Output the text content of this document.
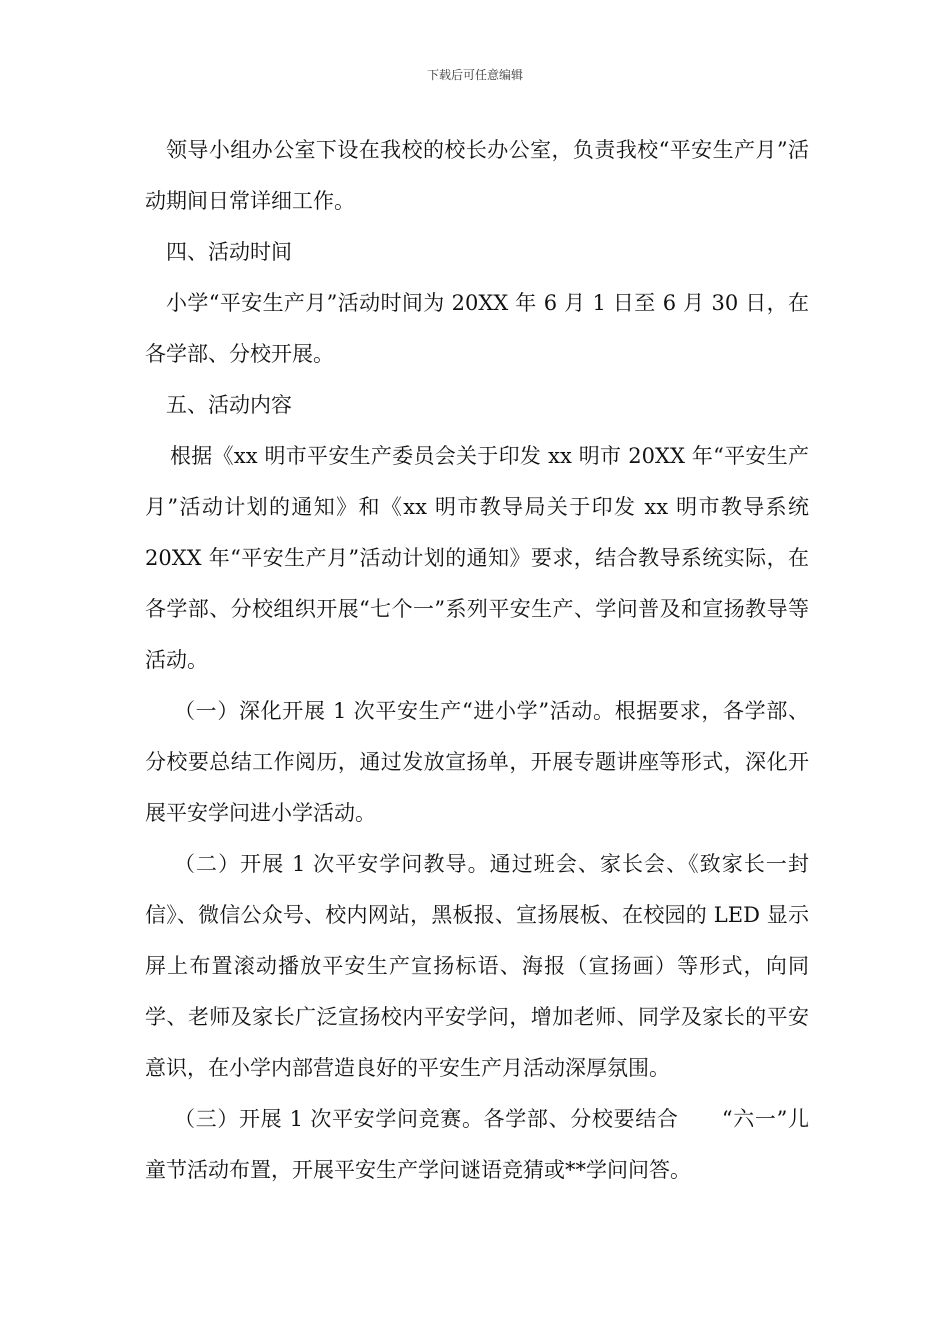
下载后可任意编辑

领导小组办公室下设在我校的校长办公室，负责我校“平安生产月”活动期间日常详细工作。

四、活动时间

小学“平安生产月”活动时间为 20XX 年 6 月 1 日至 6 月 30 日，在各学部、分校开展。

五、活动内容

根据《xx 明市平安生产委员会关于印发 xx 明市 20XX 年“平安生产月”活动计划的通知》和《xx 明市教导局关于印发 xx 明市教导系统 20XX 年“平安生产月”活动计划的通知》要求，结合教导系统实际，在各学部、分校组织开展“七个一”系列平安生产、学问普及和宣扬教导等活动。

（一）深化开展 1 次平安生产“进小学”活动。根据要求，各学部、分校要总结工作阅历，通过发放宣扬单，开展专题讲座等形式，深化开展平安学问进小学活动。

（二）开展 1 次平安学问教导。通过班会、家长会、《致家长一封信》、微信公众号、校内网站，黑板报、宣扬展板、在校园的 LED 显示屏上布置滚动播放平安生产宣扬标语、海报（宣扬画）等形式，向同学、老师及家长广泛宣扬校内平安学问，增加老师、同学及家长的平安意识，在小学内部营造良好的平安生产月活动深厚氛围。

（三）开展 1 次平安学问竞赛。各学部、分校要结合　　“六一”儿童节活动布置，开展平安生产学问谜语竞猜或**学问问答。
